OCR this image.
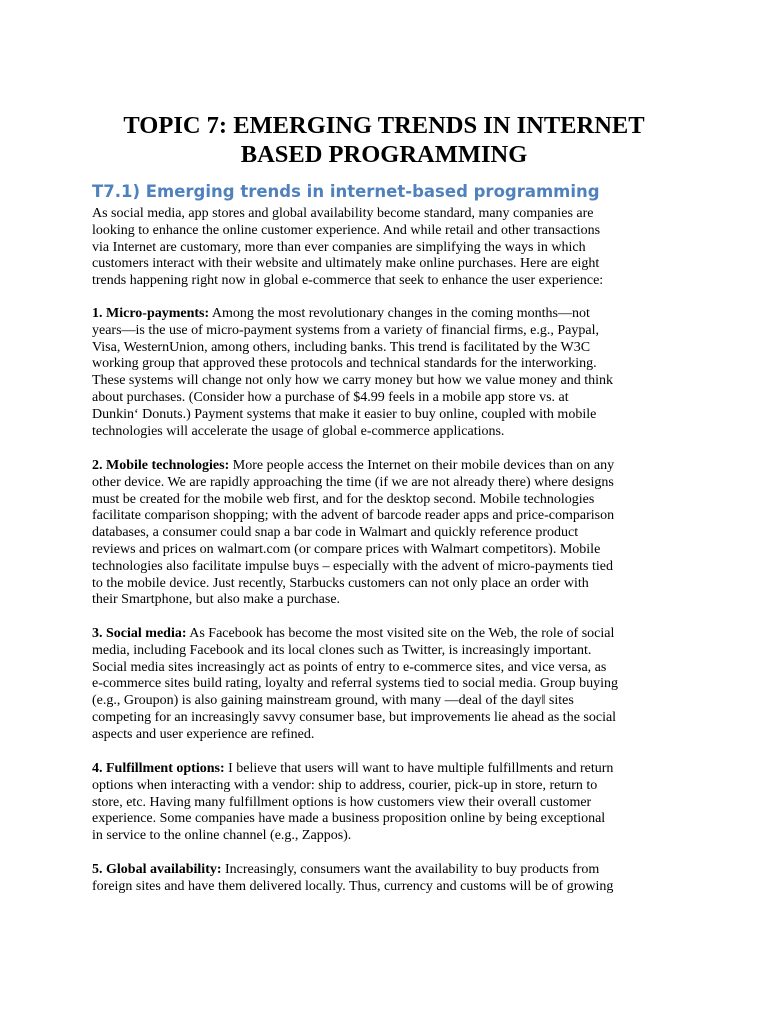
TOPIC 7: EMERGING TRENDS IN INTERNET
BASED PROGRAMMING
T7.1) Emerging trends in internet-based programming
As social media, app stores and global availability become standard, many companies are
looking to enhance the online customer experience. And while retail and other transactions
via Internet are customary, more than ever companies are simplifying the ways in which
customers interact with their website and ultimately make online purchases. Here are eight
trends happening right now in global e-commerce that seek to enhance the user experience:
1. Micro-payments: Among the most revolutionary changes in the coming months—not
years—is the use of micro-payment systems from a variety of financial firms, e.g., Paypal,
Visa, WesternUnion, among others, including banks. This trend is facilitated by the W3C
working group that approved these protocols and technical standards for the interworking.
These systems will change not only how we carry money but how we value money and think
about purchases. (Consider how a purchase of $4.99 feels in a mobile app store vs. at
Dunkin‘ Donuts.) Payment systems that make it easier to buy online, coupled with mobile
technologies will accelerate the usage of global e-commerce applications.
2. Mobile technologies: More people access the Internet on their mobile devices than on any
other device. We are rapidly approaching the time (if we are not already there) where designs
must be created for the mobile web first, and for the desktop second. Mobile technologies
facilitate comparison shopping; with the advent of barcode reader apps and price-comparison
databases, a consumer could snap a bar code in Walmart and quickly reference product
reviews and prices on walmart.com (or compare prices with Walmart competitors). Mobile
technologies also facilitate impulse buys – especially with the advent of micro-payments tied
to the mobile device. Just recently, Starbucks customers can not only place an order with
their Smartphone, but also make a purchase.
3. Social media: As Facebook has become the most visited site on the Web, the role of social
media, including Facebook and its local clones such as Twitter, is increasingly important.
Social media sites increasingly act as points of entry to e-commerce sites, and vice versa, as
e-commerce sites build rating, loyalty and referral systems tied to social media. Group buying
(e.g., Groupon) is also gaining mainstream ground, with many —deal of the day‖ sites
competing for an increasingly savvy consumer base, but improvements lie ahead as the social
aspects and user experience are refined.
4. Fulfillment options: I believe that users will want to have multiple fulfillments and return
options when interacting with a vendor: ship to address, courier, pick-up in store, return to
store, etc. Having many fulfillment options is how customers view their overall customer
experience. Some companies have made a business proposition online by being exceptional
in service to the online channel (e.g., Zappos).
5. Global availability: Increasingly, consumers want the availability to buy products from
foreign sites and have them delivered locally. Thus, currency and customs will be of growing
